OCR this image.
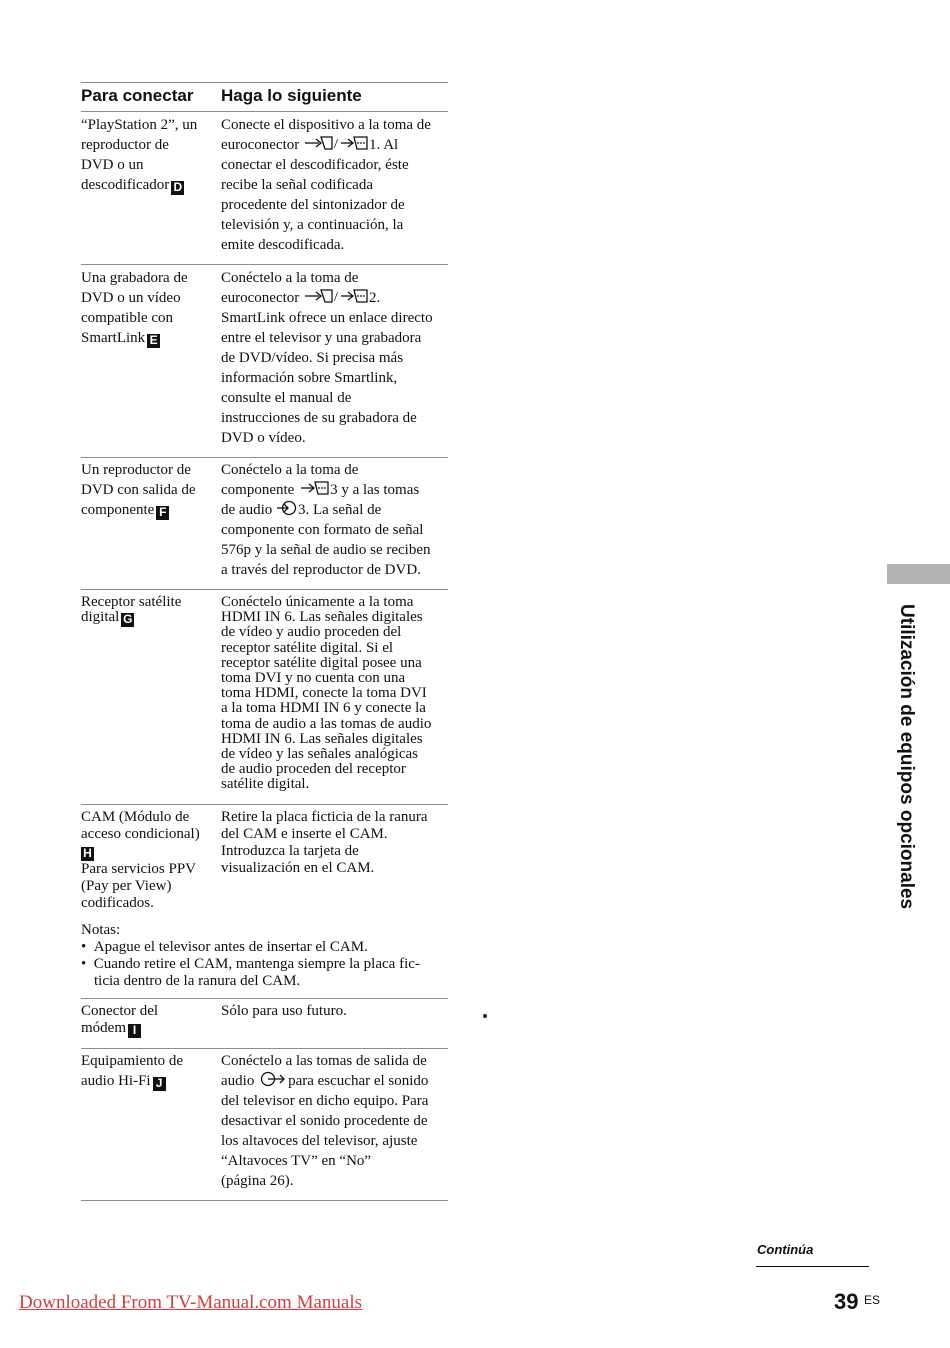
Para conectar Haga lo siguiente
“PlayStation 2”, un
reproductor de
DVD o un
descodificador D
Conecte el dispositivo a la toma de
euroconector / 1. Al
conectar el descodificador, éste
recibe la señal codificada
procedente del sintonizador de
televisión y, a continuación, la
emite descodificada.
Una grabadora de
DVD o un vídeo
compatible con
SmartLink E
Conéctelo a la toma de
euroconector / 2.
SmartLink ofrece un enlace directo
entre el televisor y una grabadora
de DVD/vídeo. Si precisa más
información sobre Smartlink,
consulte el manual de
instrucciones de su grabadora de
DVD o vídeo.
Un reproductor de
DVD con salida de
componente F
Conéctelo a la toma de
componente 3 y a las tomas
de audio 3. La señal de
componente con formato de señal
576p y la señal de audio se reciben
a través del reproductor de DVD.
Receptor satélite
digital G
Conéctelo únicamente a la toma
HDMI IN 6. Las señales digitales
de vídeo y audio proceden del
receptor satélite digital. Si el
receptor satélite digital posee una
toma DVI y no cuenta con una
toma HDMI, conecte la toma DVI
a la toma HDMI IN 6 y conecte la
toma de audio a las tomas de audio
HDMI IN 6. Las señales digitales
de vídeo y las señales analógicas
de audio proceden del receptor
satélite digital.
CAM (Módulo de
acceso condicional)
H
Para servicios PPV
(Pay per View)
codificados.
Retire la placa ficticia de la ranura
del CAM e inserte el CAM.
Introduzca la tarjeta de
visualización en el CAM.
Notas:
•  Apague el televisor antes de insertar el CAM.
•  Cuando retire el CAM, mantenga siempre la placa fic-
ticia dentro de la ranura del CAM.
Conector del
módem I
Sólo para uso futuro.
Equipamiento de
audio Hi-Fi J
Conéctelo a las tomas de salida de
audio para escuchar el sonido
del televisor en dicho equipo. Para
desactivar el sonido procedente de
los altavoces del televisor, ajuste
“Altavoces TV” en “No”
(página 26).
Utilización de equipos opcionales
Continúa
39 ES
Downloaded From TV-Manual.com Manuals
